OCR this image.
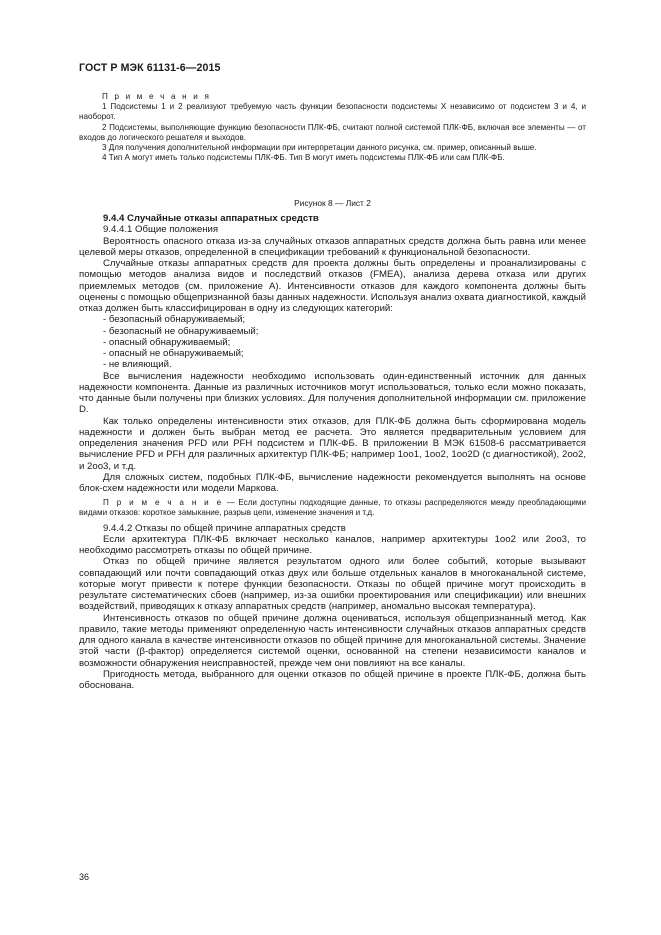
ГОСТ Р МЭК 61131-6—2015

П р и м е ч а н и я

1 Подсистемы 1 и 2 реализуют требуемую часть функции безопасности подсистемы X независимо от подсистем 3 и 4, и наоборот.

2 Подсистемы, выполняющие функцию безопасности ПЛК-ФБ, считают полной системой ПЛК-ФБ, включая все элементы — от входов до логического решателя и выходов.

3 Для получения дополнительной информации при интерпретации данного рисунка, см. пример, описанный выше.

4 Тип А могут иметь только подсистемы ПЛК-ФБ. Тип В могут иметь подсистемы ПЛК-ФБ или сам ПЛК-ФБ.

Рисунок 8 — Лист 2
9.4.4 Случайные отказы аппаратных средств

9.4.4.1 Общие положения

Вероятность опасного отказа из-за случайных отказов аппаратных средств должна быть равна или менее целевой меры отказов, определенной в спецификации требований к функциональной безопасности.

Случайные отказы аппаратных средств для проекта должны быть определены и проанализированы с помощью методов анализа видов и последствий отказов (FMEA), анализа дерева отказа или других приемлемых методов (см. приложение А). Интенсивности отказов для каждого компонента должны быть оценены с помощью общепризнанной базы данных надежности. Используя анализ охвата диагностикой, каждый отказ должен быть классифицирован в одну из следующих категорий:

- безопасный обнаруживаемый;
- безопасный не обнаруживаемый;
- опасный обнаруживаемый;
- опасный не обнаруживаемый;
- не влияющий.

Все вычисления надежности необходимо использовать один-единственный источник для данных надежности компонента. Данные из различных источников могут использоваться, только если можно показать, что данные были получены при близких условиях. Для получения дополнительной информации см. приложение D.

Как только определены интенсивности этих отказов, для ПЛК-ФБ должна быть сформирована модель надежности и должен быть выбран метод ее расчета. Это является предварительным условием для определения значения PFD или PFH подсистем и ПЛК-ФБ. В приложении В МЭК 61508-6 рассматривается вычисление PFD и PFH для различных архитектур ПЛК-ФБ; например 1oo1, 1oo2, 1oo2D (с диагностикой), 2oo2, и 2oo3, и т.д.

Для сложных систем, подобных ПЛК-ФБ, вычисление надежности рекомендуется выполнять на основе блок-схем надежности или модели Маркова.

П р и м е ч а н и е — Если доступны подходящие данные, то отказы распределяются между преобладающими видами отказов: короткое замыкание, разрыв цепи, изменение значения и т.д.

9.4.4.2 Отказы по общей причине аппаратных средств

Если архитектура ПЛК-ФБ включает несколько каналов, например архитектуры 1oo2 или 2oo3, то необходимо рассмотреть отказы по общей причине.

Отказ по общей причине является результатом одного или более событий, которые вызывают совпадающий или почти совпадающий отказ двух или больше отдельных каналов в многоканальной системе, которые могут привести к потере функции безопасности. Отказы по общей причине могут происходить в результате систематических сбоев (например, из-за ошибки проектирования или спецификации) или внешних воздействий, приводящих к отказу аппаратных средств (например, аномально высокая температура).

Интенсивность отказов по общей причине должна оцениваться, используя общепризнанный метод. Как правило, такие методы применяют определенную часть интенсивности случайных отказов аппаратных средств для одного канала в качестве интенсивности отказов по общей причине для многоканальной системы. Значение этой части (β-фактор) определяется системой оценки, основанной на степени независимости каналов и возможности обнаружения неисправностей, прежде чем они повлияют на все каналы.

Пригодность метода, выбранного для оценки отказов по общей причине в проекте ПЛК-ФБ, должна быть обоснована.

36
